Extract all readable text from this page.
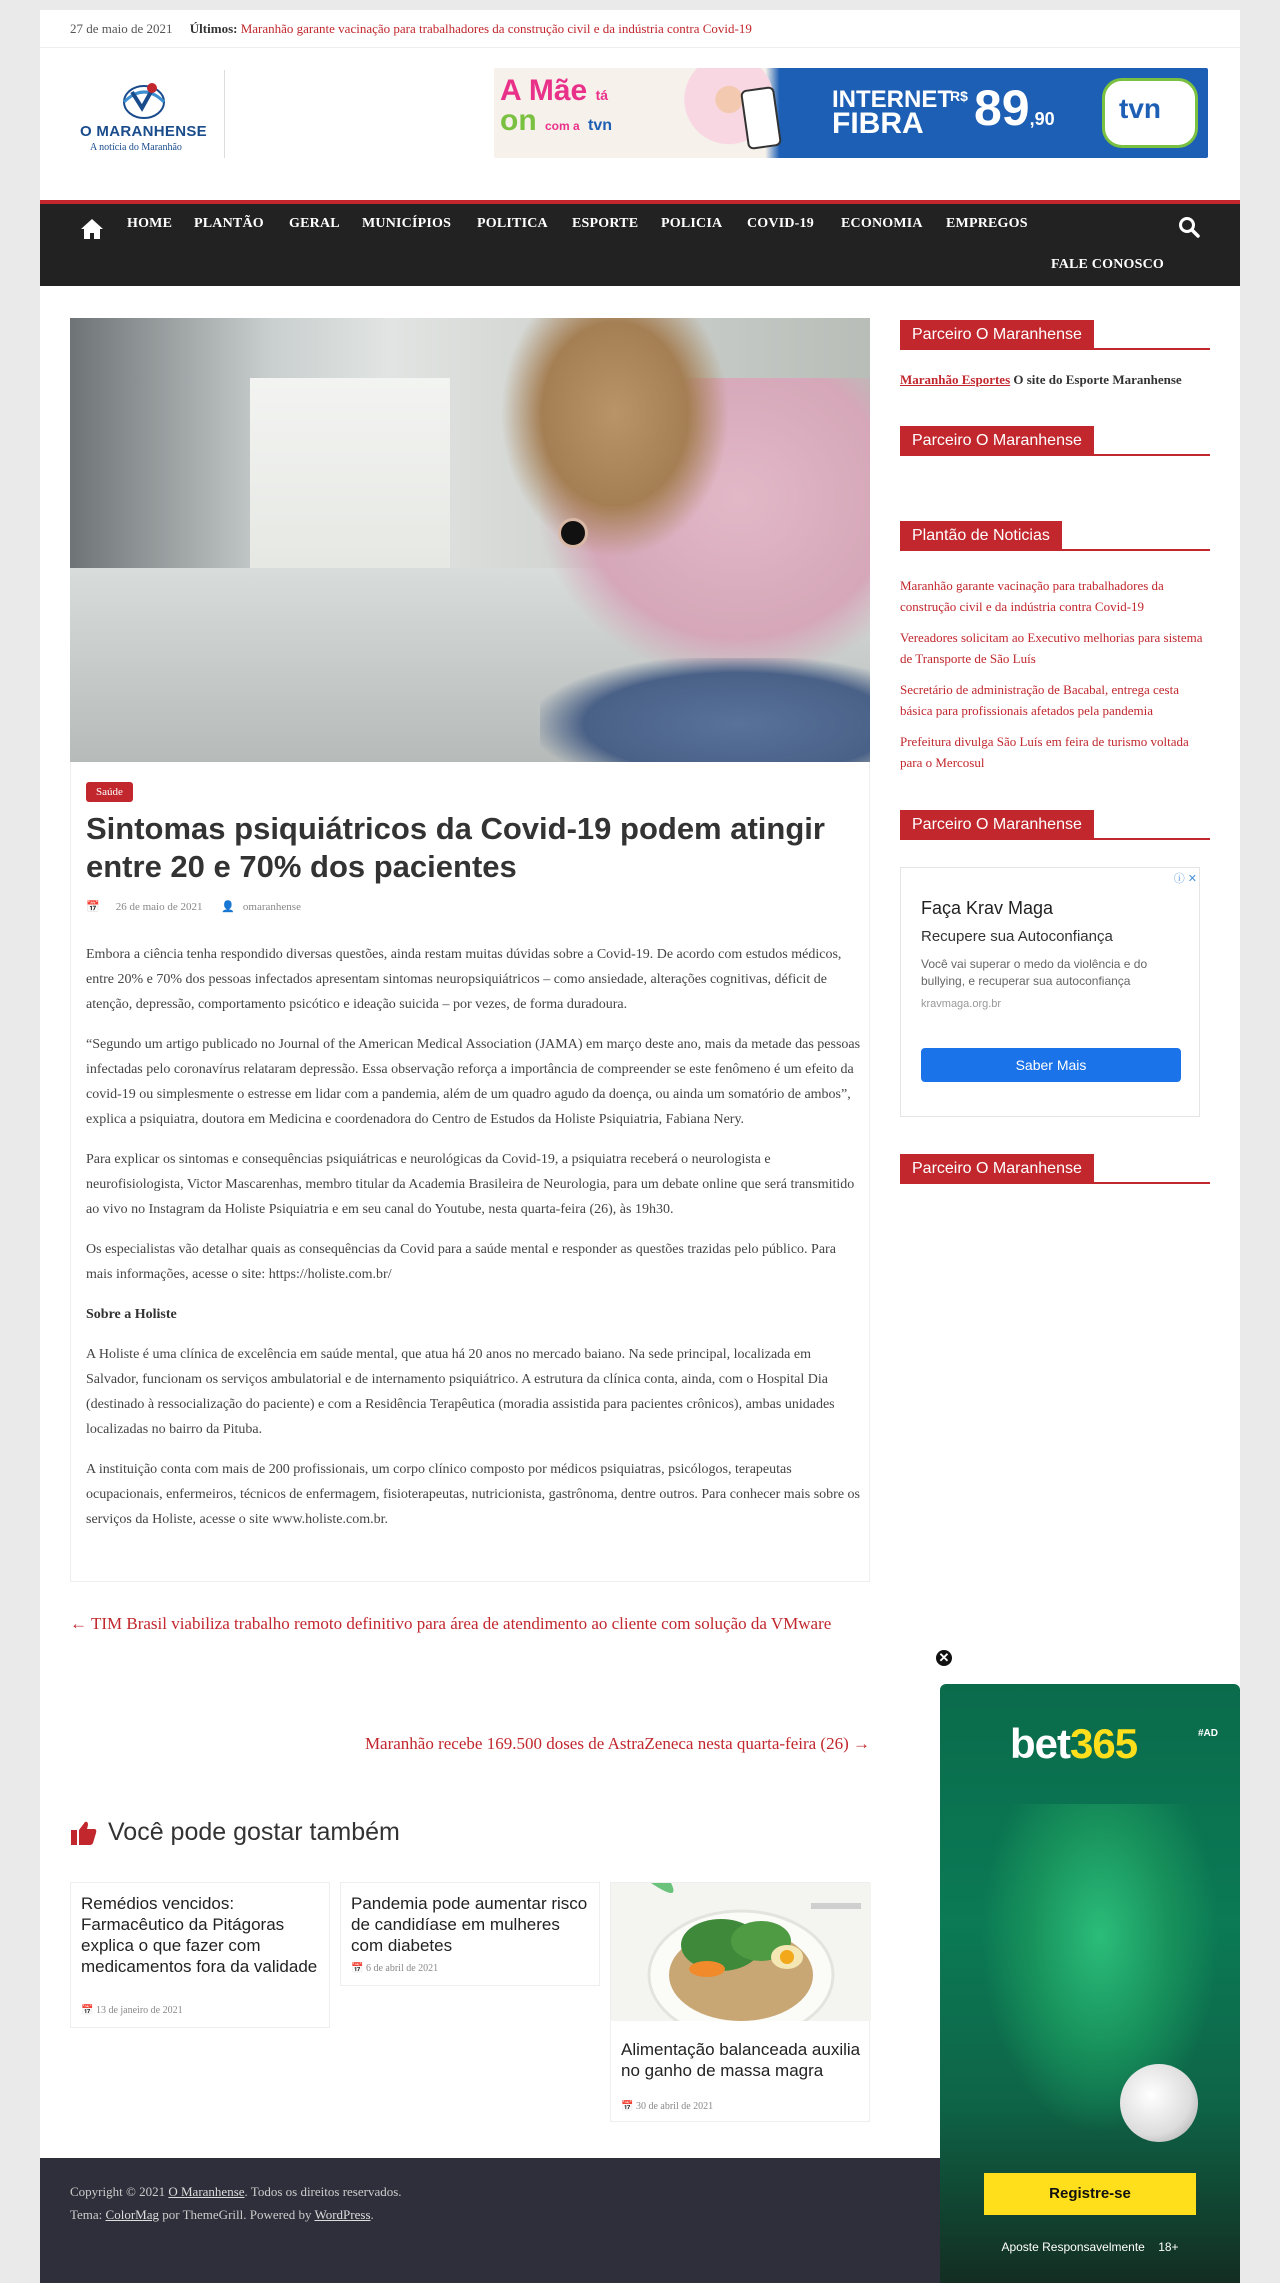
27 de maio de 2021 Últimos: Maranhão garante vacinação para trabalhadores da construção civil e da indústria contra Covid-19
O MARANHENSE
A notícia do Maranhão
A Mãe tá
on com a tvn
INTERNET
FIBRA
R$ 89,90 tvn
HOME PLANTÃO GERAL MUNICÍPIOS POLITICA ESPORTE POLICIA COVID-19 ECONOMIA EMPREGOS
FALE CONOSCO
Saúde
Sintomas psiquiátricos da Covid-19 podem atingir entre 20 e 70% dos pacientes
📅 26 de maio de 2021 👤 omaranhense

Embora a ciência tenha respondido diversas questões, ainda restam muitas dúvidas sobre a Covid-19. De acordo com estudos médicos, entre 20% e 70% dos pessoas infectados apresentam sintomas neuropsiquiátricos – como ansiedade, alterações cognitivas, déficit de atenção, depressão, comportamento psicótico e ideação suicida – por vezes, de forma duradoura.

“Segundo um artigo publicado no Journal of the American Medical Association (JAMA) em março deste ano, mais da metade das pessoas infectadas pelo coronavírus relataram depressão. Essa observação reforça a importância de compreender se este fenômeno é um efeito da covid-19 ou simplesmente o estresse em lidar com a pandemia, além de um quadro agudo da doença, ou ainda um somatório de ambos”, explica a psiquiatra, doutora em Medicina e coordenadora do Centro de Estudos da Holiste Psiquiatria, Fabiana Nery.

Para explicar os sintomas e consequências psiquiátricas e neurológicas da Covid-19, a psiquiatra receberá o neurologista e neurofisiologista, Victor Mascarenhas, membro titular da Academia Brasileira de Neurologia, para um debate online que será transmitido ao vivo no Instagram da Holiste Psiquiatria e em seu canal do Youtube, nesta quarta-feira (26), às 19h30.

Os especialistas vão detalhar quais as consequências da Covid para a saúde mental e responder as questões trazidas pelo público. Para mais informações, acesse o site: https://holiste.com.br/

Sobre a Holiste

A Holiste é uma clínica de excelência em saúde mental, que atua há 20 anos no mercado baiano. Na sede principal, localizada em Salvador, funcionam os serviços ambulatorial e de internamento psiquiátrico. A estrutura da clínica conta, ainda, com o Hospital Dia (destinado à ressocialização do paciente) e com a Residência Terapêutica (moradia assistida para pacientes crônicos), ambas unidades localizadas no bairro da Pituba.

A instituição conta com mais de 200 profissionais, um corpo clínico composto por médicos psiquiatras, psicólogos, terapeutas ocupacionais, enfermeiros, técnicos de enfermagem, fisioterapeutas, nutricionista, gastrônoma, dentre outros. Para conhecer mais sobre os serviços da Holiste, acesse o site www.holiste.com.br.

← TIM Brasil viabiliza trabalho remoto definitivo para área de atendimento ao cliente com solução da VMware
Maranhão recebe 169.500 doses de AstraZeneca nesta quarta-feira (26) →
Você pode gostar também
Remédios vencidos: Farmacêutico da Pitágoras explica o que fazer com medicamentos fora da validade
📅 13 de janeiro de 2021
Pandemia pode aumentar risco de candidíase em mulheres com diabetes
📅 6 de abril de 2021
Alimentação balanceada auxilia no ganho de massa magra
📅 30 de abril de 2021
Parceiro O Maranhense
Maranhão Esportes O site do Esporte Maranhense
Parceiro O Maranhense
Plantão de Noticias
Maranhão garante vacinação para trabalhadores da construção civil e da indústria contra Covid-19
Vereadores solicitam ao Executivo melhorias para sistema de Transporte de São Luís
Secretário de administração de Bacabal, entrega cesta básica para profissionais afetados pela pandemia
Prefeitura divulga São Luís em feira de turismo voltada para o Mercosul
Parceiro O Maranhense
ⓘ ✕
Faça Krav Maga
Recupere sua Autoconfiança
Você vai superar o medo da violência e do bullying, e recuperar sua autoconfiança
kravmaga.org.br
Saber Mais
Parceiro O Maranhense
Copyright © 2021 O Maranhense. Todos os direitos reservados.
Tema: ColorMag por ThemeGrill. Powered by WordPress.
✕
bet365	#AD
Registre-se
Aposte Responsavelmente    18+
